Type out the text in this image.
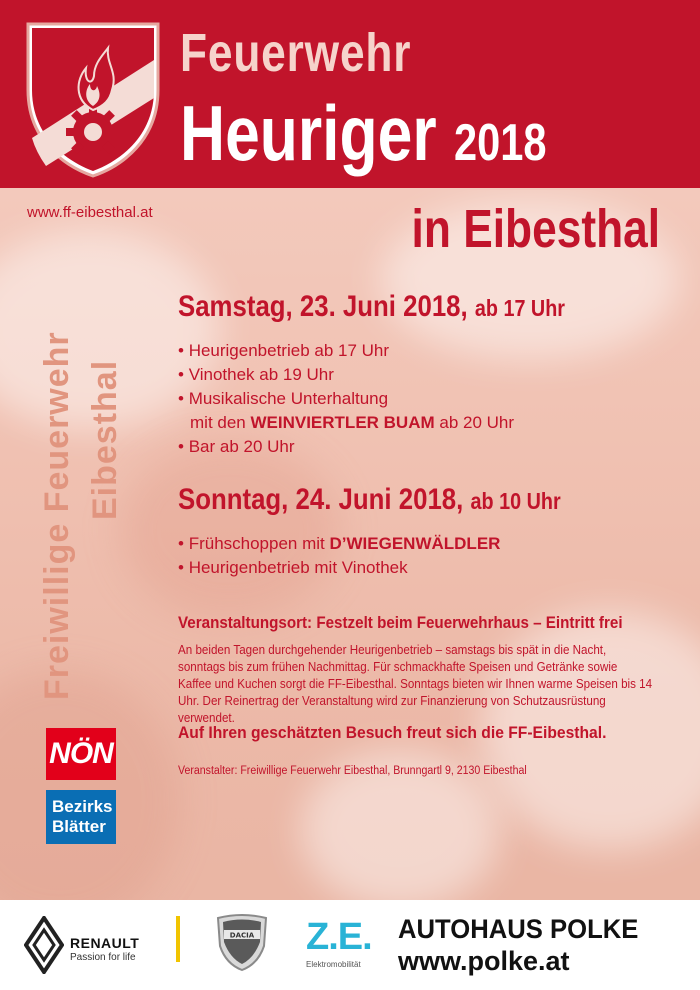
Feuerwehr
Heuriger 2018
www.ff-eibesthal.at	in Eibesthal
Freiwillige Feuerwehr Eibesthal
Samstag, 23. Juni 2018, ab 17 Uhr
• Heurigenbetrieb ab 17 Uhr
• Vinothek ab 19 Uhr
• Musikalische Unterhaltung
mit den WEINVIERTLER BUAM ab 20 Uhr
• Bar ab 20 Uhr
Sonntag, 24. Juni 2018, ab 10 Uhr
• Frühschoppen mit D’WIEGENWÄLDLER
• Heurigenbetrieb mit Vinothek
Veranstaltungsort: Festzelt beim Feuerwehrhaus – Eintritt frei
An beiden Tagen durchgehender Heurigenbetrieb – samstags bis spät in die Nacht, sonntags bis zum frühen Nachmittag. Für schmackhafte Speisen und Getränke sowie Kaffee und Kuchen sorgt die FF-Eibesthal. Sonntags bieten wir Ihnen warme Speisen bis 14 Uhr. Der Reinertrag der Veranstaltung wird zur Finanzierung von Schutzausrüstung verwendet.
Auf Ihren geschätzten Besuch freut sich die FF-Eibesthal.
Veranstalter: Freiwillige Feuerwehr Eibesthal, Brunngartl 9, 2130 Eibesthal
NÖN
Bezirks
Blätter
RENAULT
Passion for life
DACIA Z.E.
Elektromobilität
AUTOHAUS POLKE
www.polke.at
